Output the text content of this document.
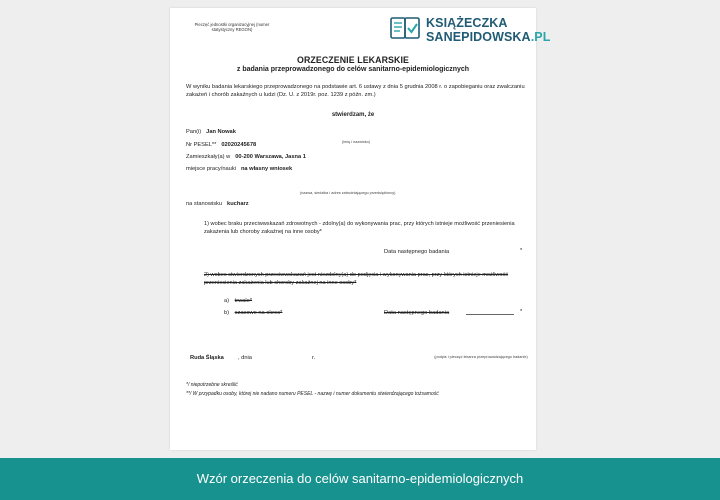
Pieczęć jednostki organizacyjnej (numer statystyczny REGON)	KSIĄŻECZKA
SANEPIDOWSKA.PL
ORZECZENIE LEKARSKIE
z badania przeprowadzonego do celów sanitarno-epidemiologicznych
W wyniku badania lekarskiego przeprowadzonego na podstawie art. 6 ustawy z dnia 5 grudnia 2008 r. o zapobieganiu oraz zwalczaniu zakażeń i chorób zakaźnych u ludzi (Dz. U. z 2019r. poz. 1239 z późn. zm.)
stwierdzam, że
Pan(i) Jan Nowak
(imię i nazwisko)
Nr PESEL** 02020245678
Zamieszkały(a) w 00-200 Warszawa, Jasna 1
miejsce pracy/nauki na własny wniosek
(nazwa, siedziba i adres zatrudniającego przedsiębiorcy)
na stanowisku kucharz
1) wobec braku przeciwwskazań zdrowotnych - zdolny(a) do wykonywania prac, przy których istnieje możliwość przeniesienia zakażenia lub choroby zakaźnej na inne osoby*
Data następnego badania	*
2) wobec stwierdzonych przeciwwskazań jest niezdolny(a) do podjęcia i wykonywania prac, przy których istnieje możliwość przeniesienia zakażenia lub choroby zakaźnej na inne osoby*
a) trwale*
b) czasowo na okres*	Data następnego badania	*
Ruda Śląska , dnia	r.	(podpis i pieczęć lekarza przeprowadzającego badanie)
*/ niepotrzebne skreślić
**/ W przypadku osoby, której nie nadano numeru PESEL - nazwę i numer dokumentu stwierdzającego tożsamość
Wzór orzeczenia do celów sanitarno-epidemiologicznych
